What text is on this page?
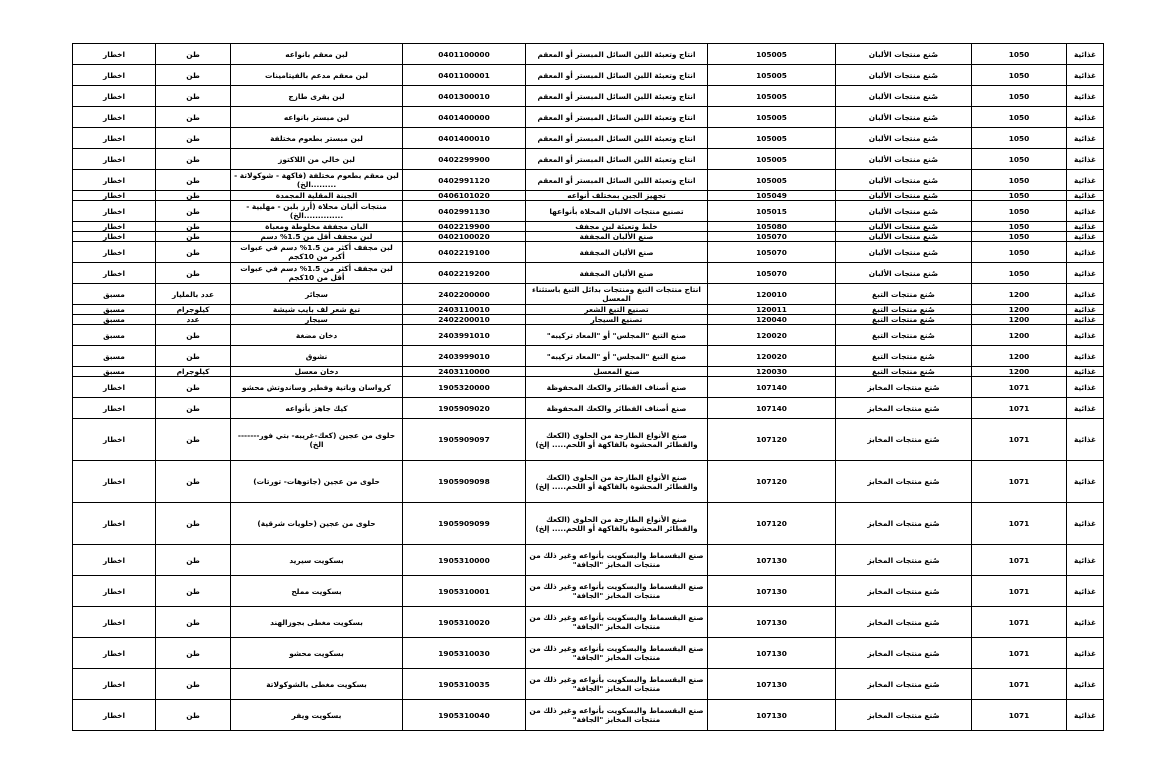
اخطار	طن	لبن معقم بانواعه	0401100000	انتاج وتعبئة اللبن السائل المبستر أو المعقم	105005	صُنع منتجات الألبان	1050	غذائية
اخطار	طن	لبن معقم مدعم بالفيتامينات	0401100001	انتاج وتعبئة اللبن السائل المبستر أو المعقم	105005	صُنع منتجات الألبان	1050	غذائية
اخطار	طن	لبن بقرى طازج	0401300010	انتاج وتعبئة اللبن السائل المبستر أو المعقم	105005	صُنع منتجات الألبان	1050	غذائية
اخطار	طن	لبن مبستر بانواعه	0401400000	انتاج وتعبئة اللبن السائل المبستر أو المعقم	105005	صُنع منتجات الألبان	1050	غذائية
اخطار	طن	لبن مبستر بطعوم مختلفة	0401400010	انتاج وتعبئة اللبن السائل المبستر أو المعقم	105005	صُنع منتجات الألبان	1050	غذائية
اخطار	طن	لبن خالي من اللاكتوز	0402299900	انتاج وتعبئة اللبن السائل المبستر أو المعقم	105005	صُنع منتجات الألبان	1050	غذائية
اخطار	طن	لبن معقم بطعوم مختلفة (فاكهة - شوكولاتة - .........الخ)	0402991120	انتاج وتعبئة اللبن السائل المبستر أو المعقم	105005	صُنع منتجات الألبان	1050	غذائية
اخطار	طن	الجبنة المقلية المجمدة	0406101020	تجهيز الجبن بمختلف أنواعه	105049	صُنع منتجات الألبان	1050	غذائية
اخطار	طن	منتجات ألبان محلاة (أرز بلبن - مهلبية - ..............الخ)	0402991130	تصنيع منتجات الالبان المحلاة بأنواعها	105015	صُنع منتجات الألبان	1050	غذائية
اخطار	طن	البان مجففة مخلوطة ومعباة	0402219900	خلط وتعبئة لبن مجفف	105080	صُنع منتجات الألبان	1050	غذائية
اخطار	طن	لبن مجفف أقل من 1.5% دسم	0402100020	صنع الألبان المجففة	105070	صُنع منتجات الألبان	1050	غذائية
اخطار	طن	لبن مجفف أكثر من 1.5% دسم في عبوات أكبر من 10كجم	0402219100	صنع الألبان المجففة	105070	صُنع منتجات الألبان	1050	غذائية
اخطار	طن	لبن مجفف أكثر من 1.5% دسم في عبوات أقل من 10كجم	0402219200	صنع الألبان المجففة	105070	صُنع منتجات الألبان	1050	غذائية
مسبق	عدد بالمليار	سجائر	2402200000	انتاج منتجات التبغ ومنتجات بدائل التبغ باستثناء المعسل	120010	صُنع منتجات التبغ	1200	غذائية
مسبق	كيلوجرام	تبغ شعر لف بايب شيشة	2403110010	تصنيع التبغ الشعر	120011	صُنع منتجات التبغ	1200	غذائية
مسبق	عدد	سيجار	2402200010	تصنيع السيجار	120040	صُنع منتجات التبغ	1200	غذائية
مسبق	طن	دخان مضغة	2403991010	صنع التبغ "المجلس" أو "المعاد تركيبه"	120020	صُنع منتجات التبغ	1200	غذائية
مسبق	طن	نشوق	2403999010	صنع التبغ "المجلس" أو "المعاد تركيبه"	120020	صُنع منتجات التبغ	1200	غذائية
مسبق	كيلوجرام	دخان معسل	2403110000	صنع المعسل	120030	صُنع منتجات التبغ	1200	غذائية
اخطار	طن	كرواسان وباتية وفطير وساندوتش محشو	1905320000	صنع أصناف الفطائر والكعك المحفوظة	107140	صُنع منتجات المخابز	1071	غذائية
اخطار	طن	كيك جاهز بأنواعه	1905909020	صنع أصناف الفطائر والكعك المحفوظة	107140	صُنع منتجات المخابز	1071	غذائية
اخطار	طن	حلوى من عجين (كعك-غريبه- بتي فور-------الخ)	1905909097	صنع الأنواع الطازجة من الحلوى (الكعك والفطائر المحشوة بالفاكهة أو اللحم..... إلخ)	107120	صُنع منتجات المخابز	1071	غذائية
اخطار	طن	حلوى من عجين (جاتوهات- تورتات)	1905909098	صنع الأنواع الطازجة من الحلوى (الكعك والفطائر المحشوة بالفاكهة أو اللحم..... إلخ)	107120	صُنع منتجات المخابز	1071	غذائية
اخطار	طن	حلوى من عجين (حلويات شرقية)	1905909099	صنع الأنواع الطازجة من الحلوى (الكعك والفطائر المحشوة بالفاكهة أو اللحم..... إلخ)	107120	صُنع منتجات المخابز	1071	غذائية
اخطار	طن	بسكويت سيريد	1905310000	صنع البقسماط والبسكويت بأنواعه وغير ذلك من منتجات المخابز "الجافة"	107130	صُنع منتجات المخابز	1071	غذائية
اخطار	طن	بسكويت مملح	1905310001	صنع البقسماط والبسكويت بأنواعه وغير ذلك من منتجات المخابز "الجافة"	107130	صُنع منتجات المخابز	1071	غذائية
اخطار	طن	بسكويت مغطى بجوزالهند	1905310020	صنع البقسماط والبسكويت بأنواعه وغير ذلك من منتجات المخابز "الجافة"	107130	صُنع منتجات المخابز	1071	غذائية
اخطار	طن	بسكويت محشو	1905310030	صنع البقسماط والبسكويت بأنواعه وغير ذلك من منتجات المخابز "الجافة"	107130	صُنع منتجات المخابز	1071	غذائية
اخطار	طن	بسكويت مغطى بالشوكولاتة	1905310035	صنع البقسماط والبسكويت بأنواعه وغير ذلك من منتجات المخابز "الجافة"	107130	صُنع منتجات المخابز	1071	غذائية
اخطار	طن	بسكويت ويفر	1905310040	صنع البقسماط والبسكويت بأنواعه وغير ذلك من منتجات المخابز "الجافة"	107130	صُنع منتجات المخابز	1071	غذائية
